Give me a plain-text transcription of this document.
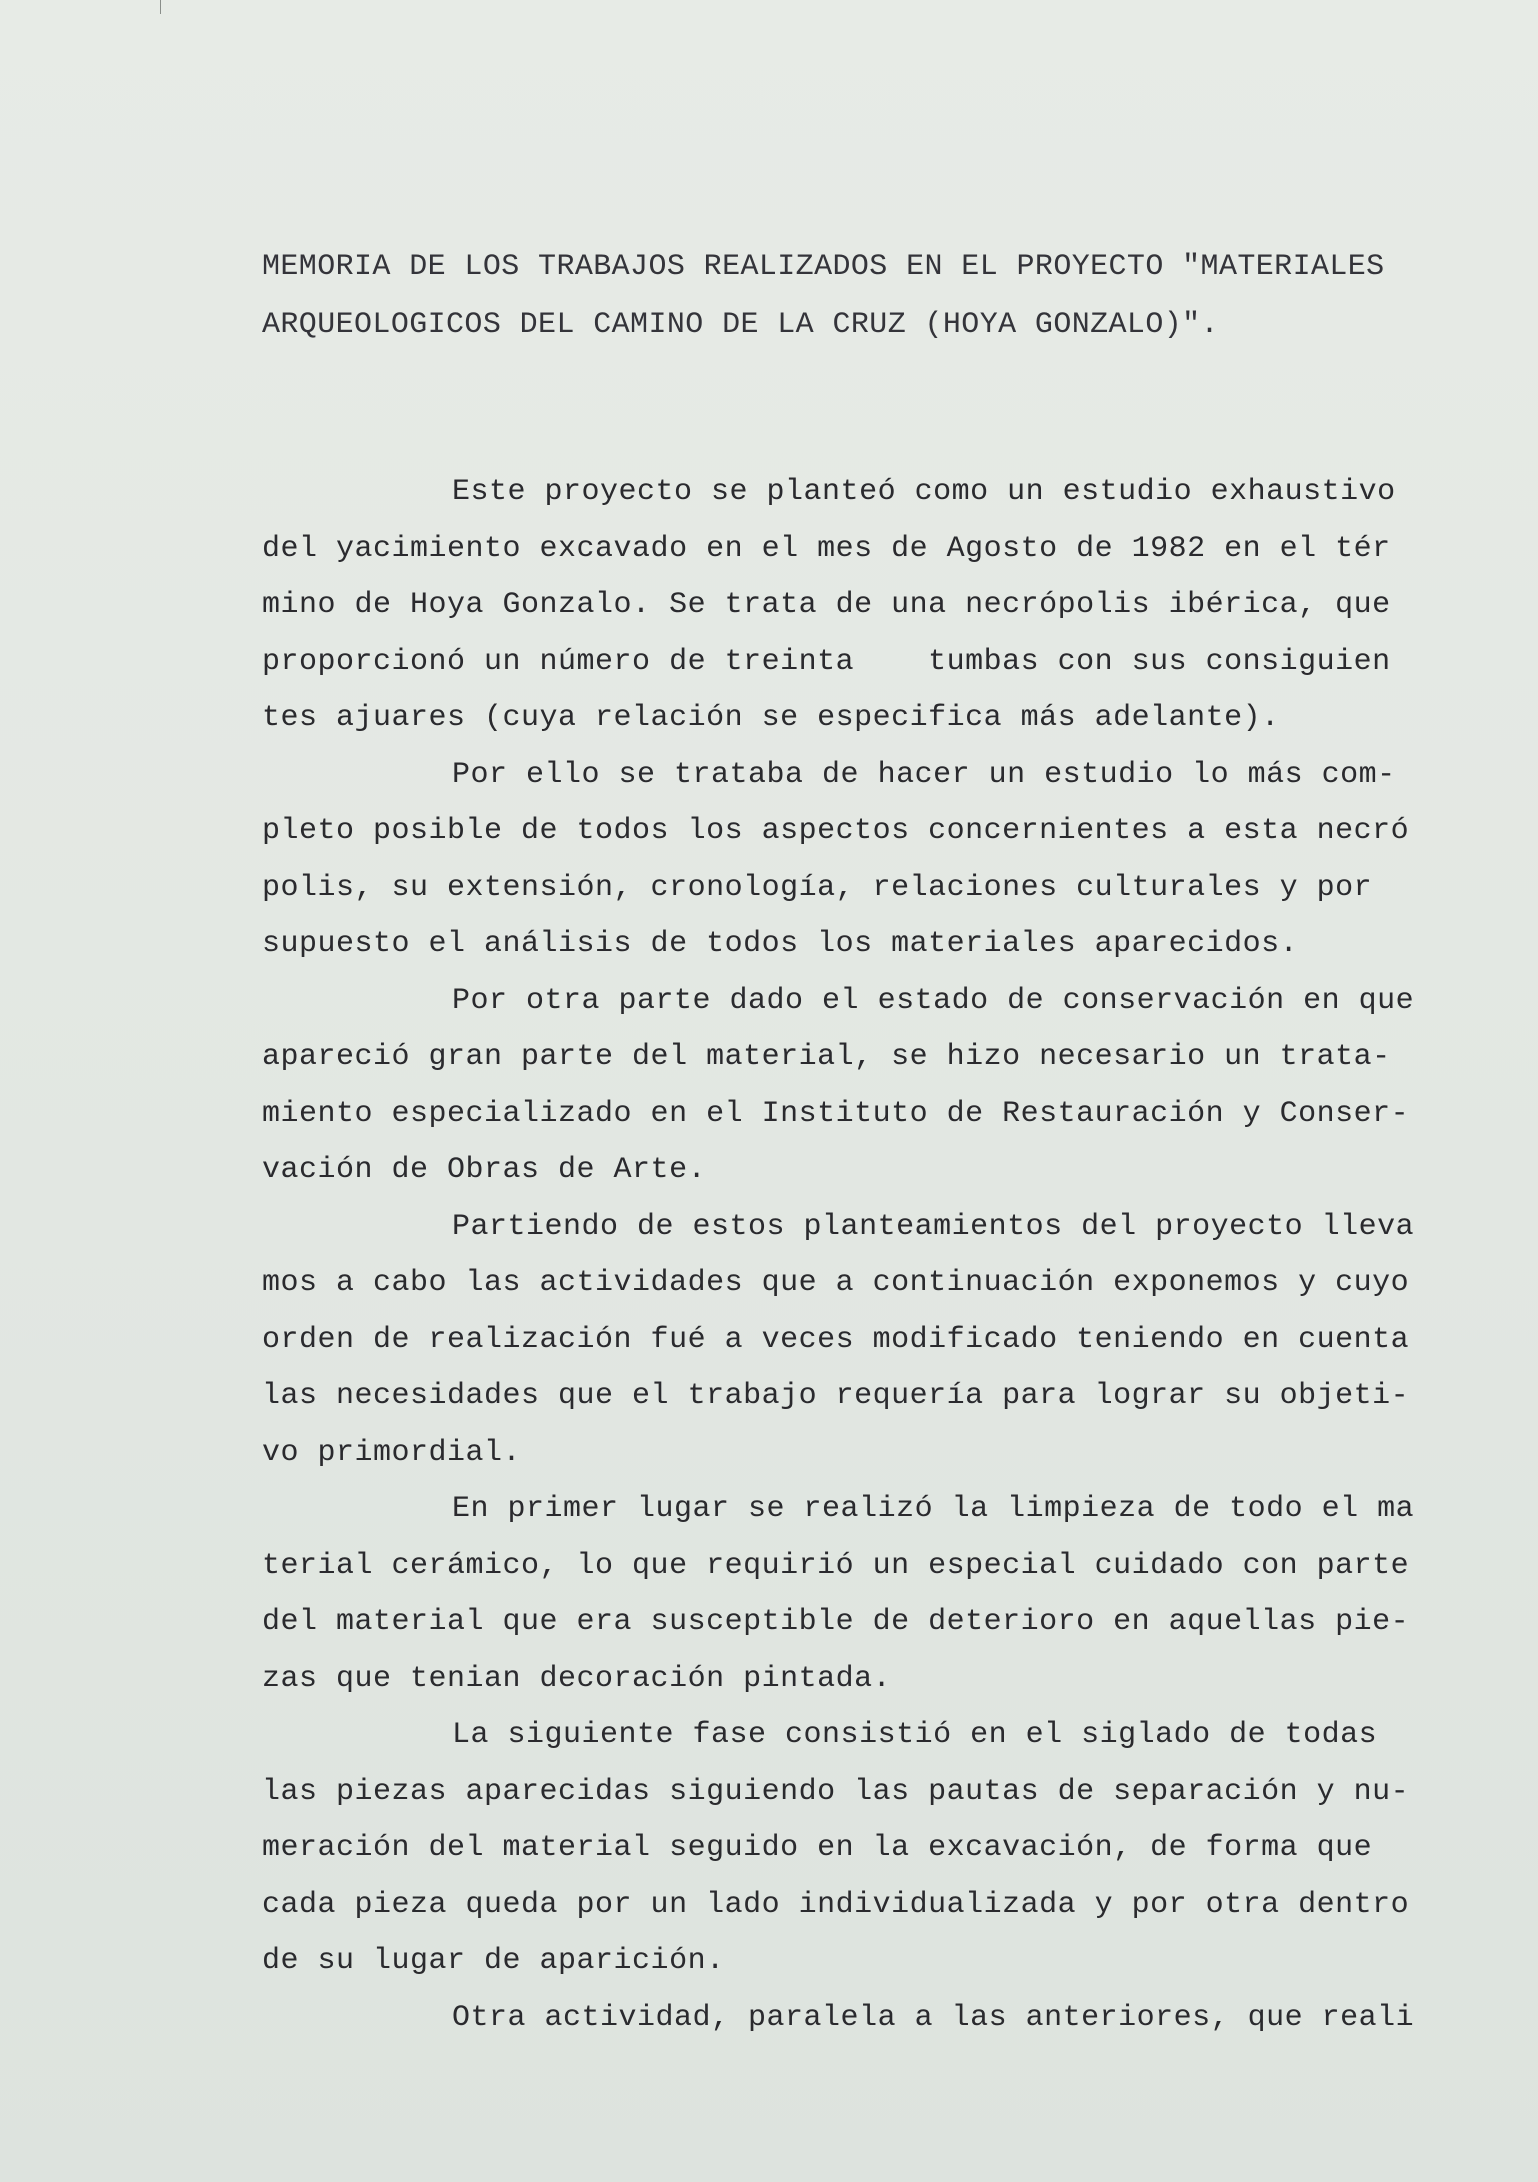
MEMORIA DE LOS TRABAJOS REALIZADOS EN EL PROYECTO "MATERIALES
ARQUEOLOGICOS DEL CAMINO DE LA CRUZ (HOYA GONZALO)".
Este proyecto se planteó como un estudio exhaustivo
del yacimiento excavado en el mes de Agosto de 1982 en el tér
mino de Hoya Gonzalo. Se trata de una necrópolis ibérica, que
proporcionó un número de treinta    tumbas con sus consiguien
tes ajuares (cuya relación se especifica más adelante).
Por ello se trataba de hacer un estudio lo más com-
pleto posible de todos los aspectos concernientes a esta necró
polis, su extensión, cronología, relaciones culturales y por
supuesto el análisis de todos los materiales aparecidos.
Por otra parte dado el estado de conservación en que
apareció gran parte del material, se hizo necesario un trata-
miento especializado en el Instituto de Restauración y Conser-
vación de Obras de Arte.
Partiendo de estos planteamientos del proyecto lleva
mos a cabo las actividades que a continuación exponemos y cuyo
orden de realización fué a veces modificado teniendo en cuenta
las necesidades que el trabajo requería para lograr su objeti-
vo primordial.
En primer lugar se realizó la limpieza de todo el ma
terial cerámico, lo que requirió un especial cuidado con parte
del material que era susceptible de deterioro en aquellas pie-
zas que tenian decoración pintada.
La siguiente fase consistió en el siglado de todas
las piezas aparecidas siguiendo las pautas de separación y nu-
meración del material seguido en la excavación, de forma que
cada pieza queda por un lado individualizada y por otra dentro
de su lugar de aparición.
Otra actividad, paralela a las anteriores, que reali
